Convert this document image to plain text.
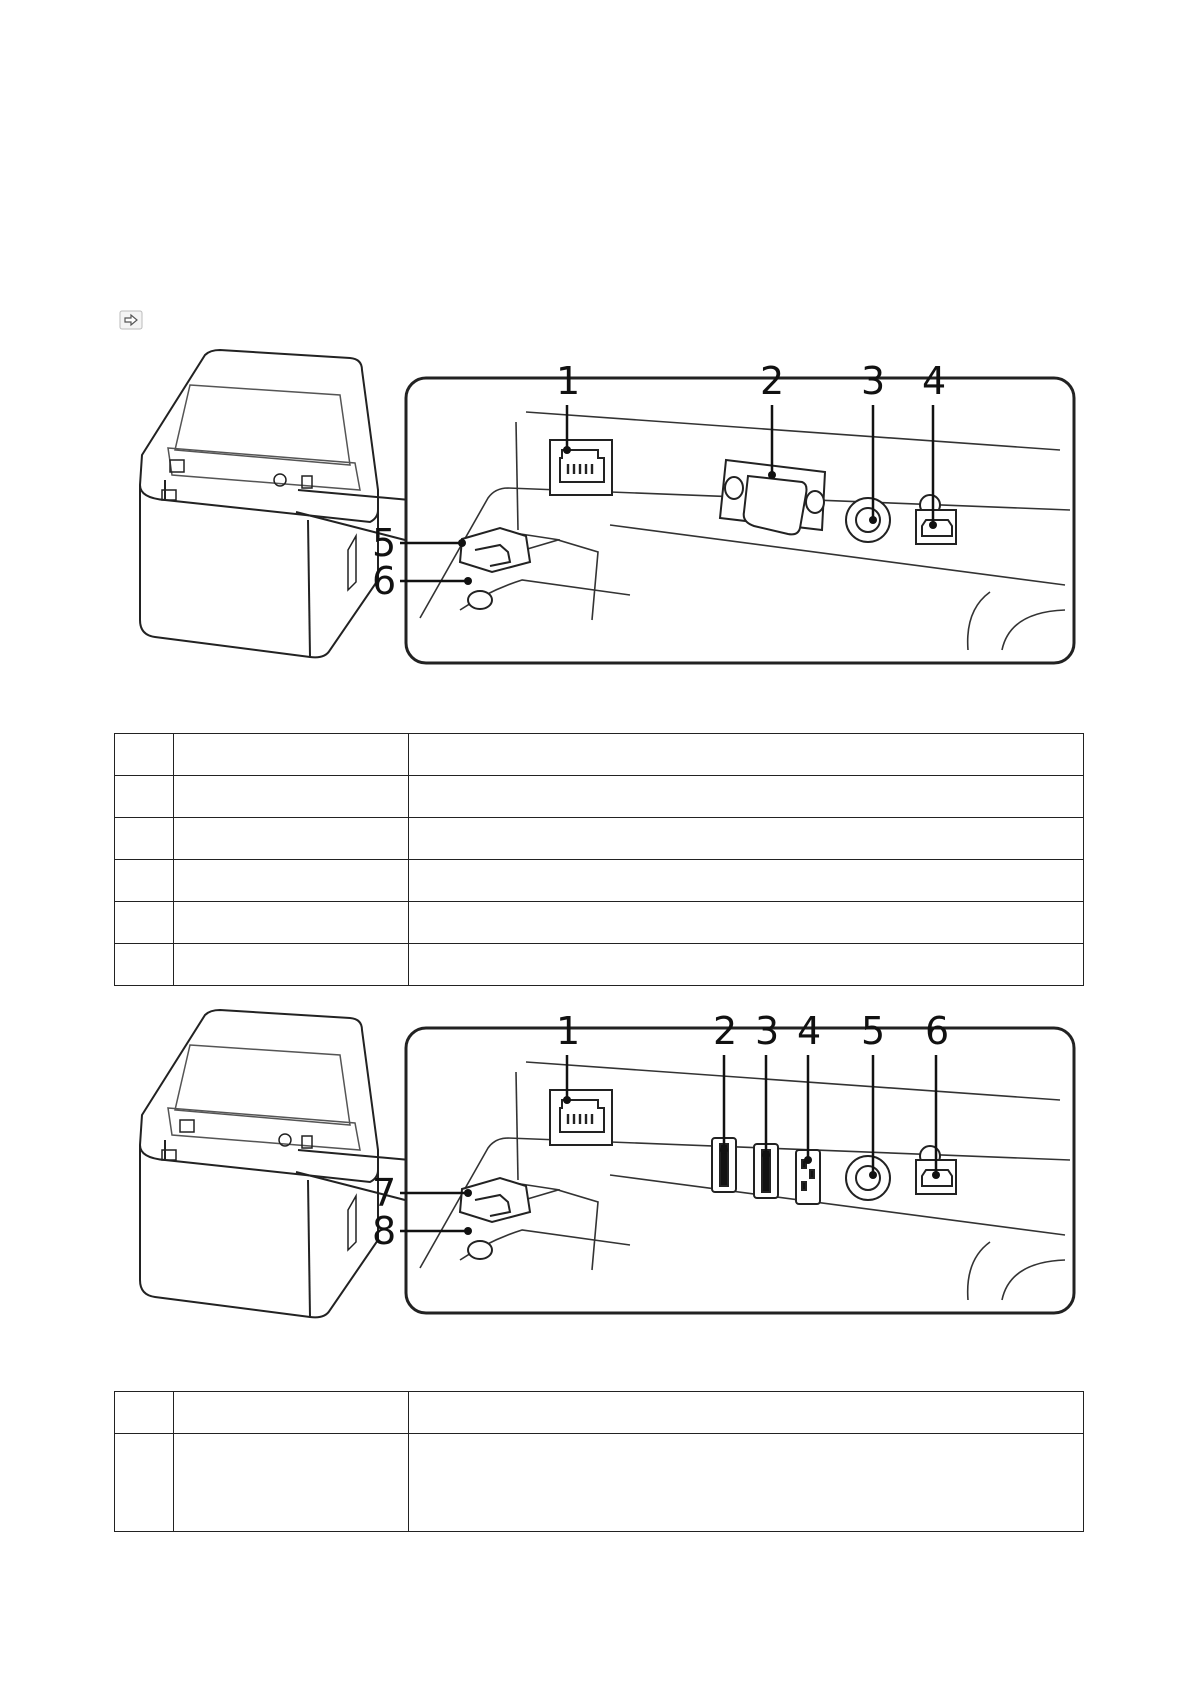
1	2 3 4
5
6

1	2 3 4 5 6
7
8
